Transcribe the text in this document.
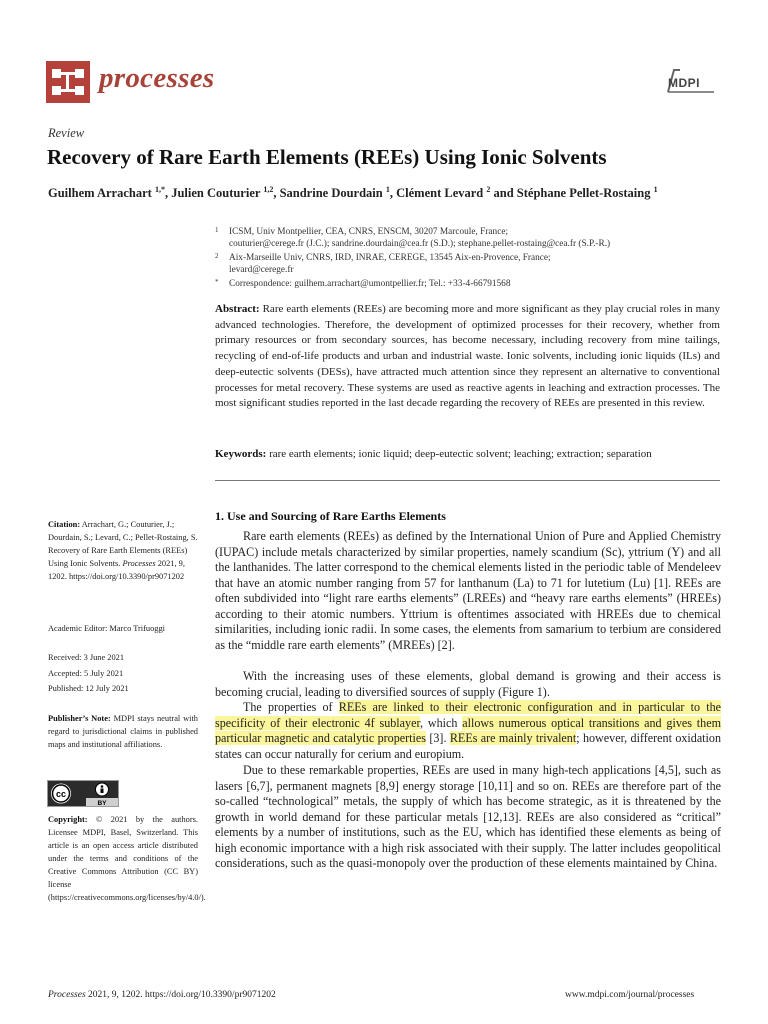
processes	MDPI
Review
Recovery of Rare Earth Elements (REEs) Using Ionic Solvents
Guilhem Arrachart $^{1,*}$, Julien Couturier $^{1,2}$, Sandrine Dourdain $^1$, Clément Levard $^2$ and Stéphane Pellet-Rostaing $^1$
1 ICSM, Univ Montpellier, CEA, CNRS, ENSCM, 30207 Marcoule, France;
couturier@cerege.fr (J.C.); sandrine.dourdain@cea.fr (S.D.); stephane.pellet-rostaing@cea.fr (S.P.-R.)
2 Aix-Marseille Univ, CNRS, IRD, INRAE, CEREGE, 13545 Aix-en-Provence, France;
levard@cerege.fr
* Correspondence: guilhem.arrachart@umontpellier.fr; Tel.: +33-4-66791568
Abstract: Rare earth elements (REEs) are becoming more and more significant as they play crucial roles in many advanced technologies. Therefore, the development of optimized processes for their recovery, whether from primary resources or from secondary sources, has become necessary, including recovery from mine tailings, recycling of end-of-life products and urban and industrial waste. Ionic solvents, including ionic liquids (ILs) and deep-eutectic solvents (DESs), have attracted much attention since they represent an alternative to conventional processes for metal recovery. These systems are used as reactive agents in leaching and extraction processes. The most significant studies reported in the last decade regarding the recovery of REEs are presented in this review.
Keywords: rare earth elements; ionic liquid; deep-eutectic solvent; leaching; extraction; separation
Citation: Arrachart, G.; Couturier, J.; Dourdain, S.; Levard, C.; Pellet-Rostaing, S. Recovery of Rare Earth Elements (REEs) Using Ionic Solvents. Processes 2021, 9, 1202. https://doi.org/10.3390/pr9071202
Academic Editor: Marco Trifuoggi
Received: 3 June 2021
Accepted: 5 July 2021
Published: 12 July 2021
Publisher’s Note: MDPI stays neutral with regard to jurisdictional claims in published maps and institutional affiliations.
cc
BY
Copyright: © 2021 by the authors. Licensee MDPI, Basel, Switzerland. This article is an open access article distributed under the terms and conditions of the Creative Commons Attribution (CC BY) license (https://creativecommons.org/licenses/by/4.0/).
1. Use and Sourcing of Rare Earths Elements
Rare earth elements (REEs) as defined by the International Union of Pure and Applied Chemistry (IUPAC) include metals characterized by similar properties, namely scandium (Sc), yttrium (Y) and all the lanthanides. The latter correspond to the chemical elements listed in the periodic table of Mendeleev that have an atomic number ranging from 57 for lanthanum (La) to 71 for lutetium (Lu) [1]. REEs are often subdivided into “light rare earths elements” (LREEs) and “heavy rare earths elements” (HREEs) according to their atomic numbers. Yttrium is oftentimes associated with HREEs due to chemical similarities, including ionic radii. In some cases, the elements from samarium to terbium are considered as the “middle rare earth elements” (MREEs) [2].
With the increasing uses of these elements, global demand is growing and their access is becoming crucial, leading to diversified sources of supply (Figure 1).
The properties of REEs are linked to their electronic configuration and in particular to the specificity of their electronic 4f sublayer, which allows numerous optical transitions and gives them particular magnetic and catalytic properties [3]. REEs are mainly trivalent; however, different oxidation states can occur naturally for cerium and europium.
Due to these remarkable properties, REEs are used in many high-tech applications [4,5], such as lasers [6,7], permanent magnets [8,9] energy storage [10,11] and so on. REEs are therefore part of the so-called “technological” metals, the supply of which has become strategic, as it is threatened by the growth in world demand for these particular metals [12,13]. REEs are also considered as “critical” elements by a number of institutions, such as the EU, which has identified these elements as being of high economic importance with a high risk associated with their supply. The latter includes geopolitical considerations, such as the quasi-monopoly over the production of these elements maintained by China.
Processes 2021, 9, 1202. https://doi.org/10.3390/pr9071202	www.mdpi.com/journal/processes
